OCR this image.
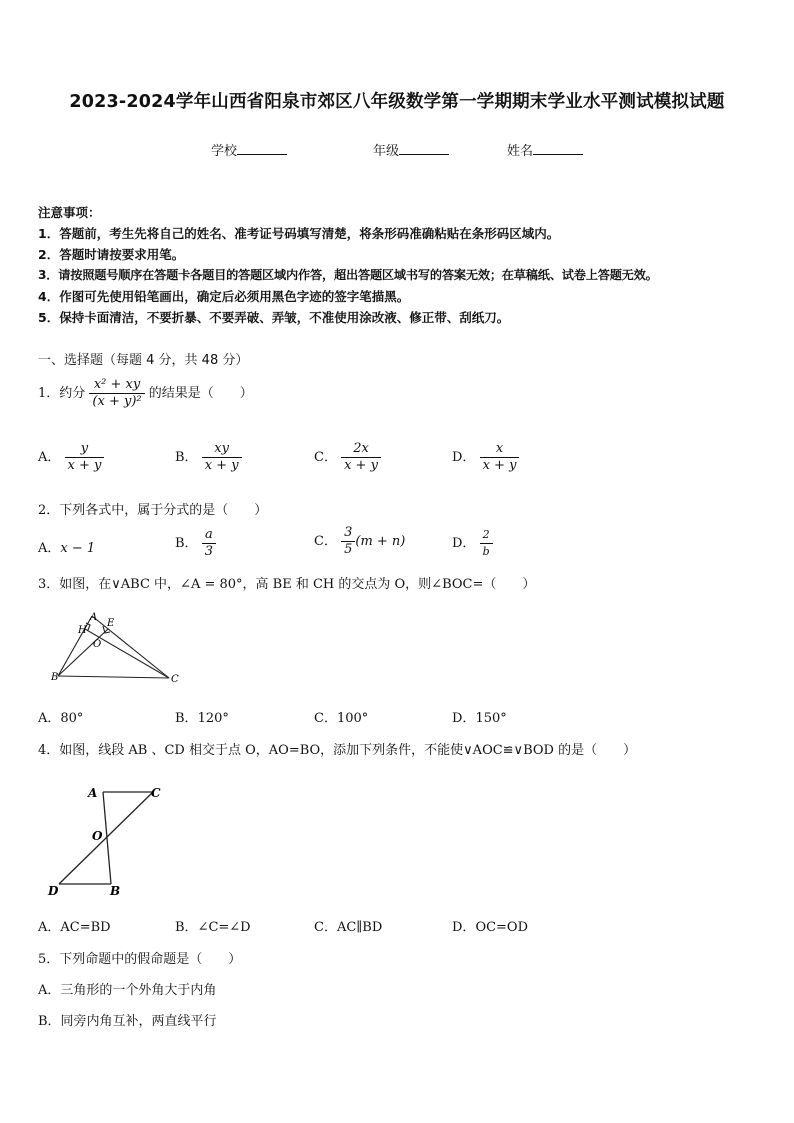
2023-2024学年山西省阳泉市郊区八年级数学第一学期期末学业水平测试模拟试题
学校	年级	姓名
注意事项：
1．答题前，考生先将自己的姓名、准考证号码填写清楚，将条形码准确粘贴在条形码区域内。
2．答题时请按要求用笔。
3．请按照题号顺序在答题卡各题目的答题区域内作答，超出答题区域书写的答案无效；在草稿纸、试卷上答题无效。
4．作图可先使用铅笔画出，确定后必须用黑色字迹的签字笔描黑。
5．保持卡面清洁，不要折暴、不要弄破、弄皱，不准使用涂改液、修正带、刮纸刀。
一、选择题（每题 4 分，共 48 分）
1．约分 $\frac{\text{x² + xy}}{\text{(x + y)²}}$ 的结果是（　　）
A． $\frac{y}{x + y}$	B． $\frac{xy}{x + y}$	C． $\frac{2x}{x + y}$	D． $\frac{x}{x + y}$
2．下列各式中，属于分式的是（　　）
A．x − 1	B． $\frac{a}{3}$	C． $\frac{3}{5} (m + n)$	D． $\frac{2}{b}$
3．如图，在∨ABC 中，∠A = 80°，高 BE 和 CH 的交点为 O，则∠BOC=（　　）
A
H
E
O
B	C
A．80°	B．120°	C．100°	D．150°
4．如图，线段 AB 、CD 相交于点 O，AO=BO，添加下列条件，不能使∨AOC≌∨BOD 的是（　　）
A	C
O
D	B
A．AC=BD	B．∠C=∠D	C．AC∥BD	D．OC=OD
5．下列命题中的假命题是（　　）
A．三角形的一个外角大于内角
B．同旁内角互补，两直线平行
